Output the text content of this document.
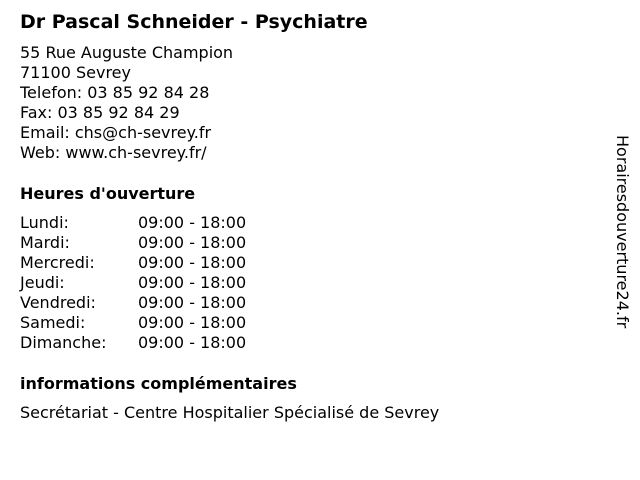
Dr Pascal Schneider - Psychiatre
55 Rue Auguste Champion
71100 Sevrey
Telefon: 03 85 92 84 28
Fax: 03 85 92 84 29
Email: chs@ch-sevrey.fr
Web: www.ch-sevrey.fr/
Heures d'ouverture
Lundi:	09:00 - 18:00
Mardi:	09:00 - 18:00
Mercredi:	09:00 - 18:00
Jeudi:	09:00 - 18:00
Vendredi:	09:00 - 18:00
Samedi:	09:00 - 18:00
Dimanche:	09:00 - 18:00
informations complémentaires
Secrétariat - Centre Hospitalier Spécialisé de Sevrey
Horairesdouverture24.fr
